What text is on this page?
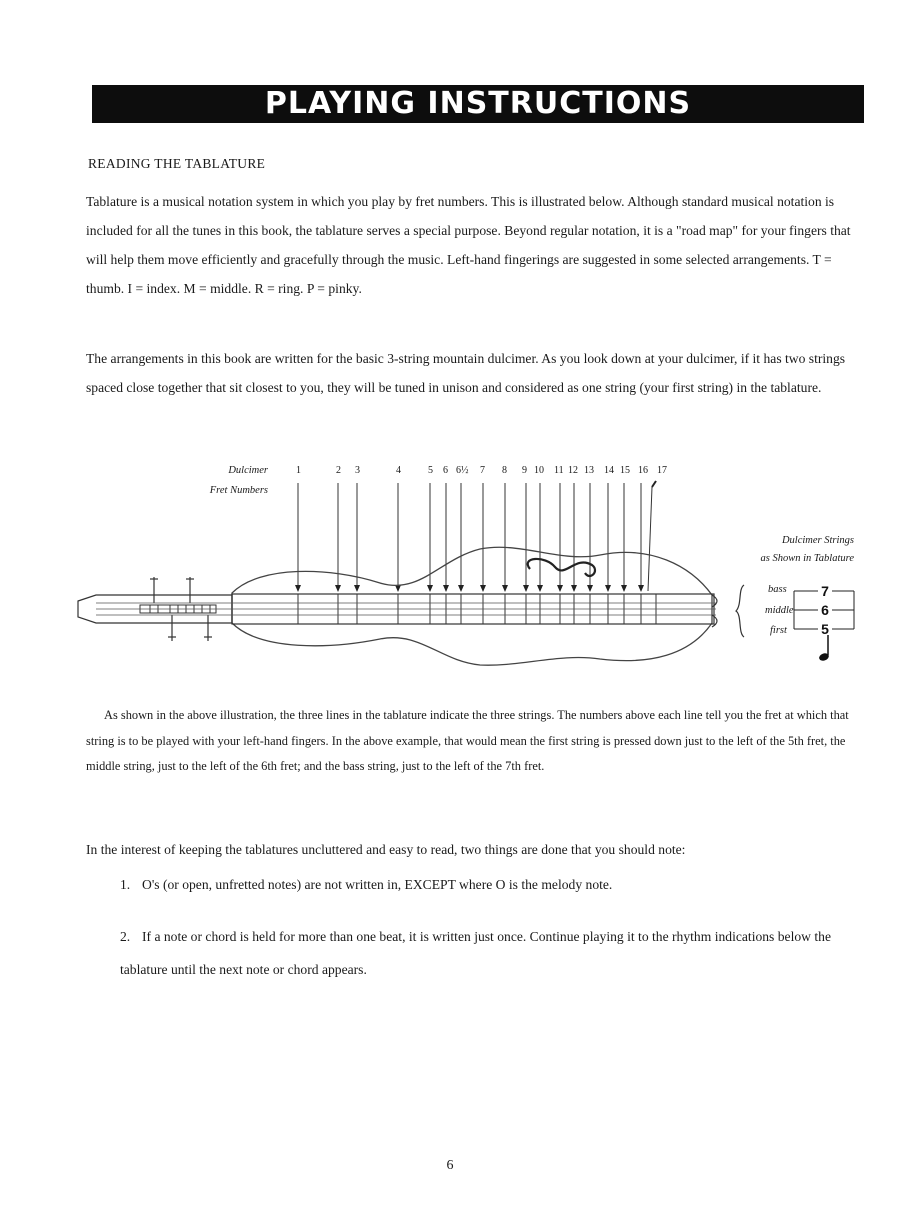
PLAYING INSTRUCTIONS
READING THE TABLATURE

Tablature is a musical notation system in which you play by fret numbers. This is illustrated below. Although standard musical notation is included for all the tunes in this book, the tablature serves a special purpose. Beyond regular notation, it is a "road map" for your fingers that will help them move efficiently and gracefully through the music. Left-hand fingerings are suggested in some selected arrangements. T = thumb. I = index. M = middle. R = ring. P = pinky.

The arrangements in this book are written for the basic 3-string mountain dulcimer. As you look down at your dulcimer, if it has two strings spaced close together that sit closest to you, they will be tuned in unison and considered as one string (your first string) in the tablature.

Dulcimer
Fret Numbers
1	2 3	4	5 6 6½ 7 8 9 10 11 12 13 14 15 16 17
Dulcimer Strings
as Shown in Tablature
bass
middle
first
7
6
5

As shown in the above illustration, the three lines in the tablature indicate the three strings. The numbers above each line tell you the fret at which that string is to be played with your left-hand fingers. In the above example, that would mean the first string is pressed down just to the left of the 5th fret, the middle string, just to the left of the 6th fret; and the bass string, just to the left of the 7th fret.

In the interest of keeping the tablatures uncluttered and easy to read, two things are done that you should note:

1. O's (or open, unfretted notes) are not written in, EXCEPT where O is the melody note.
2. If a note or chord is held for more than one beat, it is written just once. Continue playing it to the rhythm indications below the tablature until the next note or chord appears.
6
